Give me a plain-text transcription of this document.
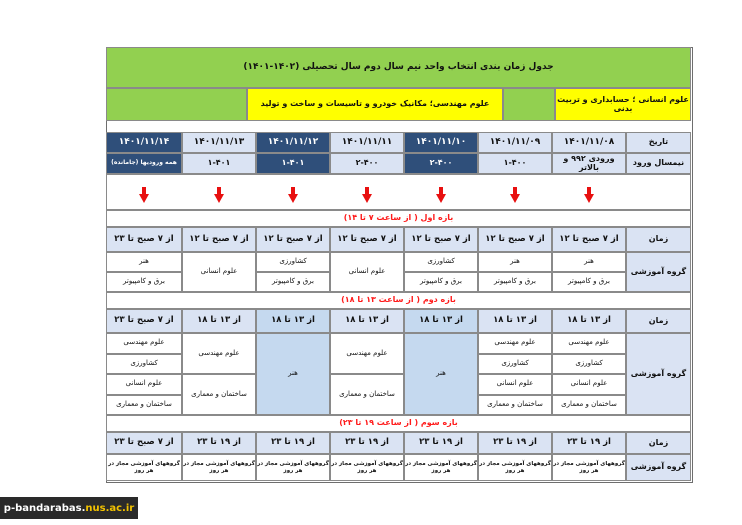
جدول زمان بندی انتخاب واحد نیم سال دوم سال تحصیلی (۱۴۰۲-۱۴۰۱)
علوم مهندسی؛ مکانیک خودرو و تاسیسات و ساخت و تولید	علوم انسانی ؛ حسابداری و تربیت بدنی
تاریخ
۱۴۰۱/۱۱/۰۸
۱۴۰۱/۱۱/۰۹
۱۴۰۱/۱۱/۱۰
۱۴۰۱/۱۱/۱۱
۱۴۰۱/۱۱/۱۲
۱۴۰۱/۱۱/۱۳
۱۴۰۱/۱۱/۱۴
نیمسال ورود
ورودی ۹۹۲ و بالاتر
۱-۴۰۰
۲-۴۰۰
۲-۴۰۰
۱-۴۰۱
۱-۴۰۱
همه ورودیها (جامانده)
بازه اول ( از ساعت ۷ تا ۱۴)
زمان
از ۷ صبح تا ۱۲
از ۷ صبح تا ۱۲
از ۷ صبح تا ۱۲
از ۷ صبح تا ۱۲
از ۷ صبح تا ۱۲
از ۷ صبح تا ۱۲
از ۷ صبح تا ۲۳
گروه آموزشی
هنر
برق و کامپیوتر
هنر
برق و کامپیوتر
کشاورزی
برق و کامپیوتر
علوم انسانی
کشاورزی
برق و کامپیوتر
علوم انسانی
هنر
برق و کامپیوتر
بازه دوم ( از ساعت ۱۳ تا ۱۸)
زمان
از ۱۳ تا ۱۸
از ۱۳ تا ۱۸
از ۱۳ تا ۱۸
از ۱۳ تا ۱۸
از ۱۳ تا ۱۸
از ۱۳ تا ۱۸
از ۷ صبح تا ۲۳
گروه آموزشی
علوم مهندسی
کشاورزی
علوم انسانی
ساختمان و معماری
علوم مهندسی
کشاورزی
علوم انسانی
ساختمان و معماری
هنر
علوم مهندسی
ساختمان و معماری
هنر
علوم مهندسی
ساختمان و معماری
علوم مهندسی
کشاورزی
علوم انسانی
ساختمان و معماری
بازه سوم ( از ساعت ۱۹ تا ۲۳)
زمان
از ۱۹ تا ۲۳
از ۱۹ تا ۲۳
از ۱۹ تا ۲۳
از ۱۹ تا ۲۳
از ۱۹ تا ۲۳
از ۱۹ تا ۲۳
از ۷ صبح تا ۲۳
گروه آموزشی
گروههای آموزشی مجاز در هر روز
گروههای آموزشی مجاز در هر روز
گروههای آموزشی مجاز در هر روز
گروههای آموزشی مجاز در هر روز
گروههای آموزشی مجاز در هر روز
گروههای آموزشی مجاز در هر روز
گروههای آموزشی مجاز در هر روز
p-bandarabas. nus.ac.ir
